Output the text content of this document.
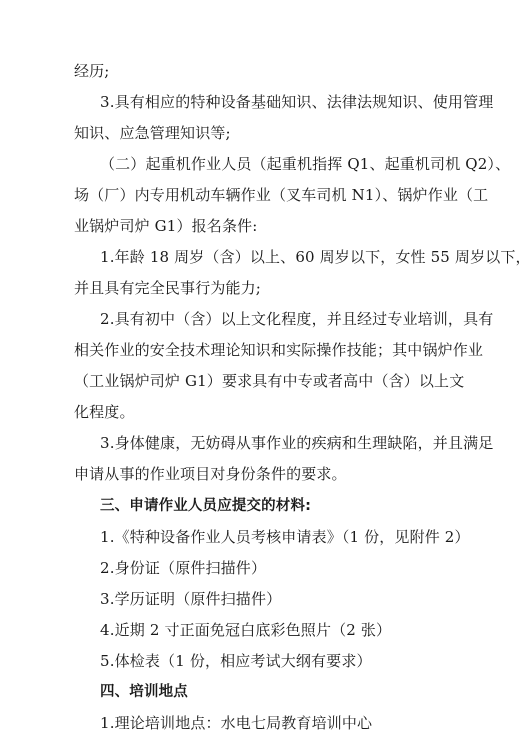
经历;
3.具有相应的特种设备基础知识、法律法规知识、使用管理
知识、应急管理知识等;
（二）起重机作业人员（起重机指挥 Q1、起重机司机 Q2）、
场（厂）内专用机动车辆作业（叉车司机 N1）、锅炉作业（工
业锅炉司炉 G1）报名条件:
1.年龄 18 周岁（含）以上、60 周岁以下，女性 55 周岁以下，
并且具有完全民事行为能力;
2.具有初中（含）以上文化程度，并且经过专业培训，具有
相关作业的安全技术理论知识和实际操作技能；其中锅炉作业
（工业锅炉司炉 G1）要求具有中专或者高中（含）以上文
化程度。
3.身体健康，无妨碍从事作业的疾病和生理缺陷，并且满足
申请从事的作业项目对身份条件的要求。
三、申请作业人员应提交的材料:
1.《特种设备作业人员考核申请表》（1 份，见附件 2）
2.身份证（原件扫描件）
3.学历证明（原件扫描件）
4.近期 2 寸正面免冠白底彩色照片（2 张）
5.体检表（1 份，相应考试大纲有要求）
四、培训地点
1.理论培训地点：水电七局教育培训中心
